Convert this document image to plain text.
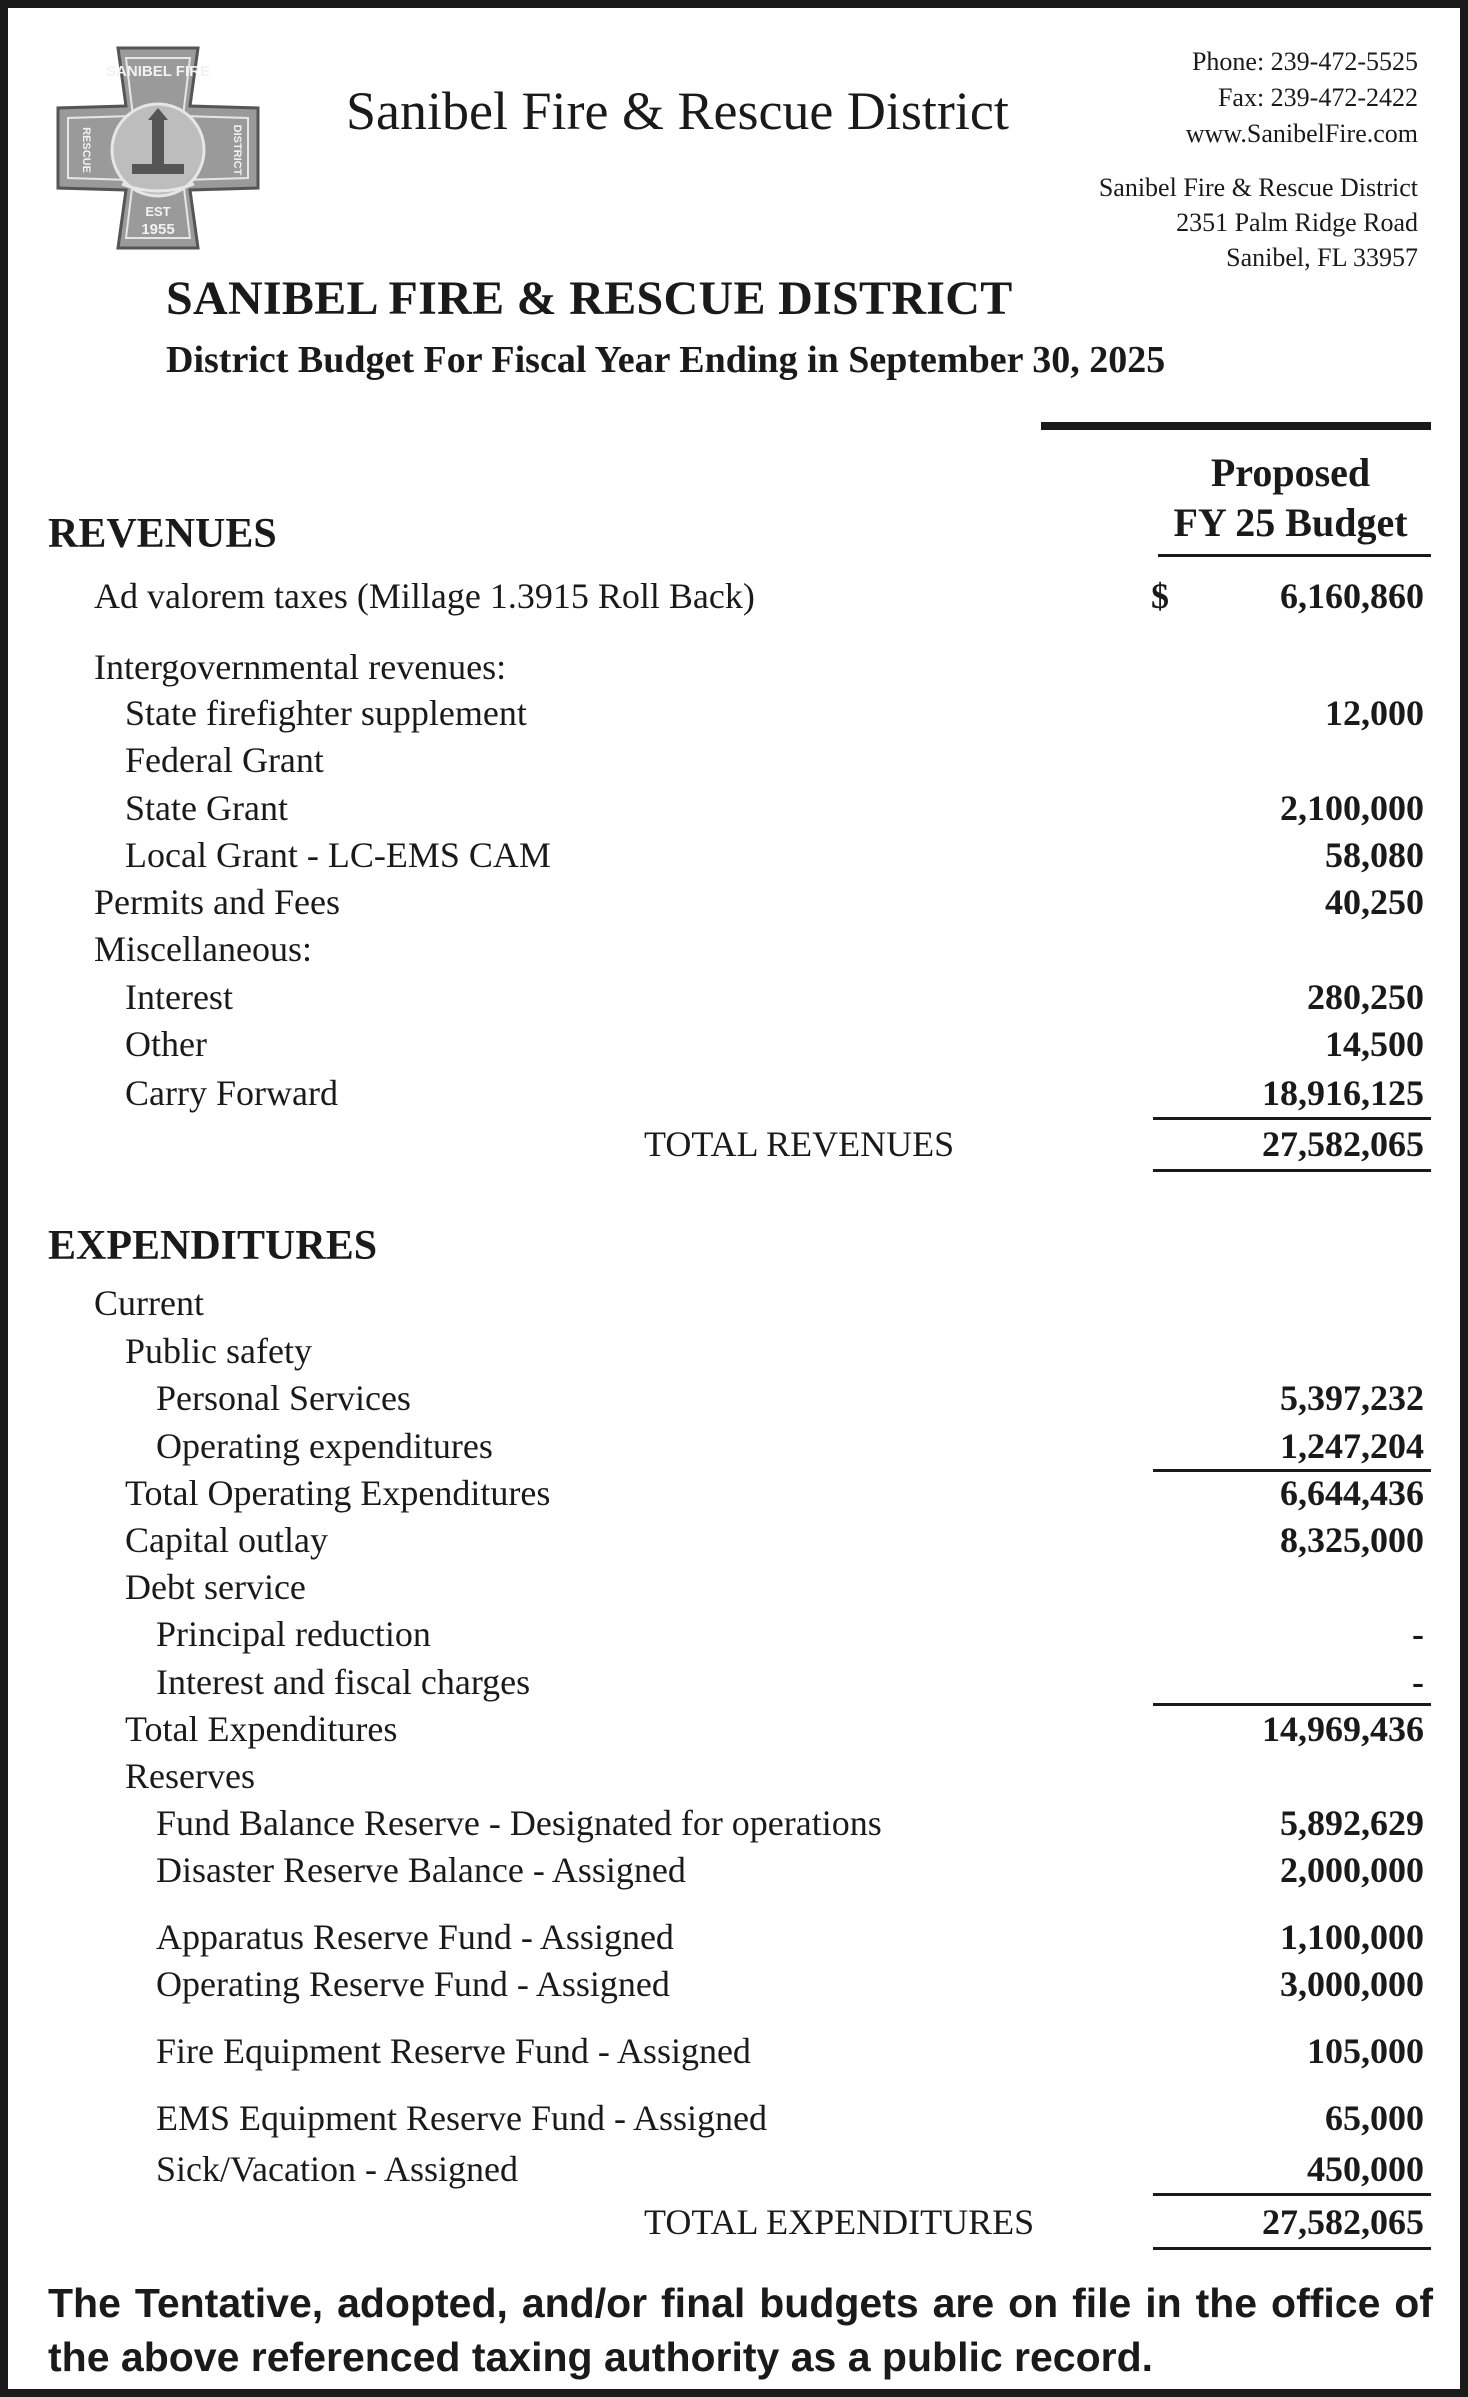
SANIBEL FIRE
RESCUE	DISTRICT
EST
1955
Sanibel Fire & Rescue District
Phone: 239-472-5525
Fax: 239-472-2422
www.SanibelFire.com
Sanibel Fire & Rescue District
2351 Palm Ridge Road
Sanibel, FL 33957
SANIBEL FIRE & RESCUE DISTRICT
District Budget For Fiscal Year Ending in September 30, 2025
Proposed
FY 25 Budget
REVENUES
Ad valorem taxes (Millage 1.3915 Roll Back)	$	6,160,860
Intergovernmental revenues:
State firefighter supplement	12,000
Federal Grant
State Grant	2,100,000
Local Grant - LC-EMS CAM	58,080
Permits and Fees	40,250
Miscellaneous:
Interest	280,250
Other	14,500
Carry Forward	18,916,125
TOTAL REVENUES	27,582,065
EXPENDITURES
Current
Public safety
Personal Services	5,397,232
Operating expenditures	1,247,204
Total Operating Expenditures	6,644,436
Capital outlay	8,325,000
Debt service
Principal reduction	-
Interest and fiscal charges	-
Total Expenditures	14,969,436
Reserves
Fund Balance Reserve - Designated for operations	5,892,629
Disaster Reserve Balance - Assigned	2,000,000
Apparatus Reserve Fund - Assigned	1,100,000
Operating Reserve Fund - Assigned	3,000,000
Fire Equipment Reserve Fund - Assigned	105,000
EMS Equipment Reserve Fund - Assigned	65,000
Sick/Vacation - Assigned	450,000
TOTAL EXPENDITURES	27,582,065
The Tentative, adopted, and/or final budgets are on file in the office of the above referenced taxing authority as a public record.
